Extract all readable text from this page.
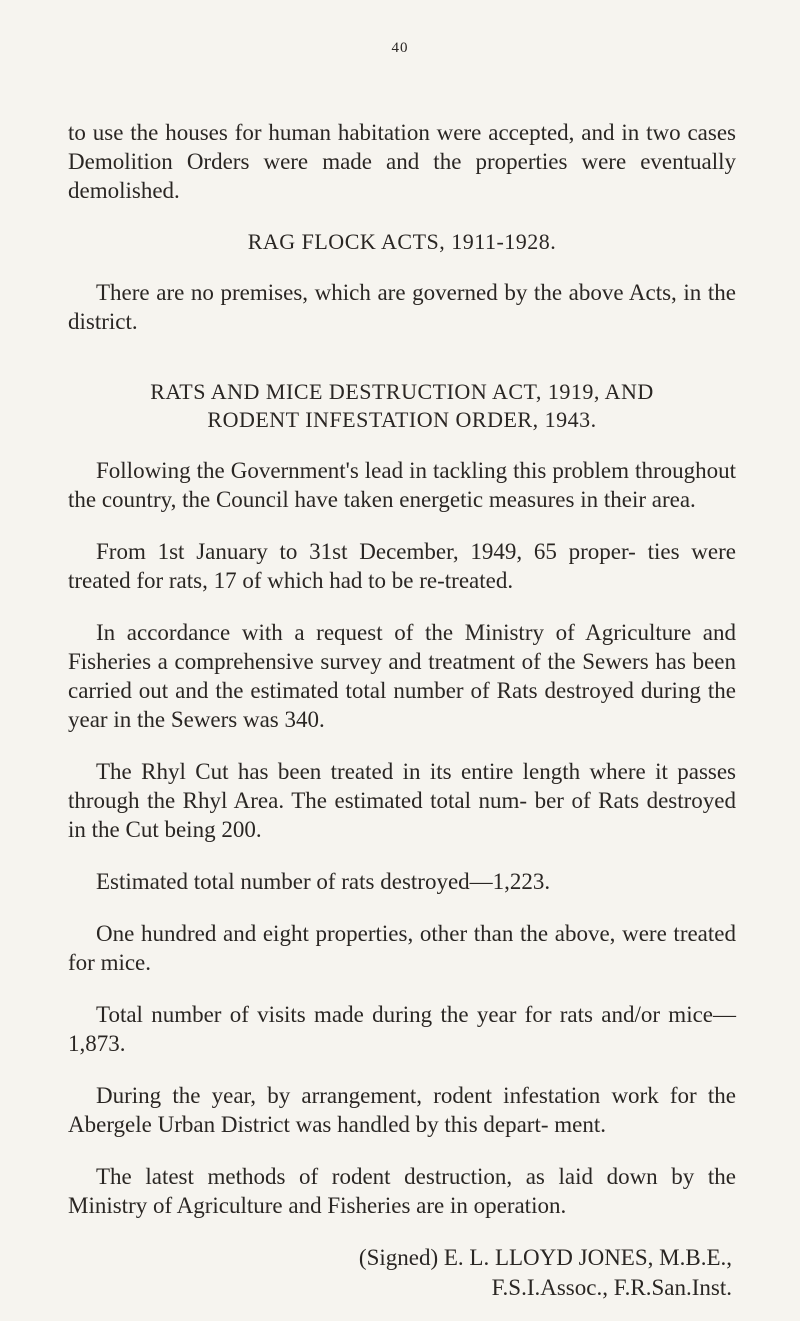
40

to use the houses for human habitation were accepted, and in two cases Demolition Orders were made and the properties were eventually demolished.

RAG FLOCK ACTS, 1911-1928.

There are no premises, which are governed by the above Acts, in the district.

RATS AND MICE DESTRUCTION ACT, 1919, AND
RODENT INFESTATION ORDER, 1943.

Following the Government's lead in tackling this problem throughout the country, the Council have taken energetic measures in their area.

From 1st January to 31st December, 1949, 65 proper- ties were treated for rats, 17 of which had to be re-treated.

In accordance with a request of the Ministry of Agriculture and Fisheries a comprehensive survey and treatment of the Sewers has been carried out and the estimated total number of Rats destroyed during the year in the Sewers was 340.

The Rhyl Cut has been treated in its entire length where it passes through the Rhyl Area. The estimated total num- ber of Rats destroyed in the Cut being 200.

Estimated total number of rats destroyed—1,223.

One hundred and eight properties, other than the above, were treated for mice.

Total number of visits made during the year for rats and/or mice—1,873.

During the year, by arrangement, rodent infestation work for the Abergele Urban District was handled by this depart- ment.

The latest methods of rodent destruction, as laid down by the Ministry of Agriculture and Fisheries are in operation.

(Signed) E. L. LLOYD JONES, M.B.E.,
F.S.I.Assoc., F.R.San.Inst.
